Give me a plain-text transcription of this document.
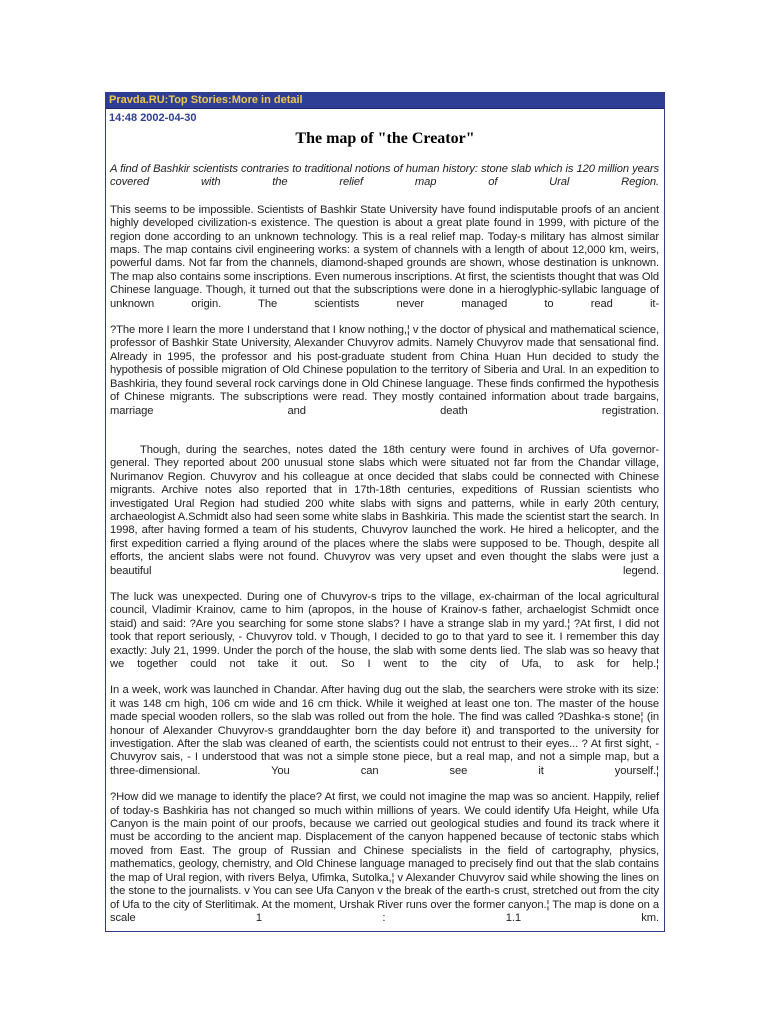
Pravda.RU:Top Stories:More in detail
14:48 2002-04-30
The map of "the Creator"

A find of Bashkir scientists contraries to traditional notions of human history: stone slab which is 120 million years covered with the relief map of Ural Region.

This seems to be impossible. Scientists of Bashkir State University have found indisputable proofs of an ancient highly developed civilization-s existence. The question is about a great plate found in 1999, with picture of the region done according to an unknown technology. This is a real relief map. Today-s military has almost similar maps. The map contains civil engineering works: a system of channels with a length of about 12,000 km, weirs, powerful dams. Not far from the channels, diamond-shaped grounds are shown, whose destination is unknown. The map also contains some inscriptions. Even numerous inscriptions. At first, the scientists thought that was Old Chinese language. Though, it turned out that the subscriptions were done in a hieroglyphic-syllabic language of unknown origin. The scientists never managed to read it-

?The more I learn the more I understand that I know nothing,¦ v the doctor of physical and mathematical science, professor of Bashkir State University, Alexander Chuvyrov admits. Namely Chuvyrov made that sensational find. Already in 1995, the professor and his post-graduate student from China Huan Hun decided to study the hypothesis of possible migration of Old Chinese population to the territory of Siberia and Ural. In an expedition to Bashkiria, they found several rock carvings done in Old Chinese language. These finds confirmed the hypothesis of Chinese migrants. The subscriptions were read. They mostly contained information about trade bargains, marriage and death registration.

Though, during the searches, notes dated the 18th century were found in archives of Ufa governor-general. They reported about 200 unusual stone slabs which were situated not far from the Chandar village, Nurimanov Region. Chuvyrov and his colleague at once decided that slabs could be connected with Chinese migrants. Archive notes also reported that in 17th-18th centuries, expeditions of Russian scientists who investigated Ural Region had studied 200 white slabs with signs and patterns, while in early 20th century, archaeologist A.Schmidt also had seen some white slabs in Bashkiria. This made the scientist start the search. In 1998, after having formed a team of his students, Chuvyrov launched the work. He hired a helicopter, and the first expedition carried a flying around of the places where the slabs were supposed to be. Though, despite all efforts, the ancient slabs were not found. Chuvyrov was very upset and even thought the slabs were just a beautiful legend.

The luck was unexpected. During one of Chuvyrov-s trips to the village, ex-chairman of the local agricultural council, Vladimir Krainov, came to him (apropos, in the house of Krainov-s father, archaelogist Schmidt once staid) and said: ?Are you searching for some stone slabs? I have a strange slab in my yard.¦ ?At first, I did not took that report seriously, - Chuvyrov told. v Though, I decided to go to that yard to see it. I remember this day exactly: July 21, 1999. Under the porch of the house, the slab with some dents lied. The slab was so heavy that we together could not take it out. So I went to the city of Ufa, to ask for help.¦

In a week, work was launched in Chandar. After having dug out the slab, the searchers were stroke with its size: it was 148 cm high, 106 cm wide and 16 cm thick. While it weighed at least one ton. The master of the house made special wooden rollers, so the slab was rolled out from the hole. The find was called ?Dashka-s stone¦ (in honour of Alexander Chuvyrov-s granddaughter born the day before it) and transported to the university for investigation. After the slab was cleaned of earth, the scientists could not entrust to their eyes... ? At first sight, - Chuvyrov sais, - I understood that was not a simple stone piece, but a real map, and not a simple map, but a three-dimensional. You can see it yourself.¦

?How did we manage to identify the place? At first, we could not imagine the map was so ancient. Happily, relief of today-s Bashkiria has not changed so much within millions of years. We could identify Ufa Height, while Ufa Canyon is the main point of our proofs, because we carried out geological studies and found its track where it must be according to the ancient map. Displacement of the canyon happened because of tectonic stabs which moved from East. The group of Russian and Chinese specialists in the field of cartography, physics, mathematics, geology, chemistry, and Old Chinese language managed to precisely find out that the slab contains the map of Ural region, with rivers Belya, Ufimka, Sutolka,¦ v Alexander Chuvyrov said while showing the lines on the stone to the journalists. v You can see Ufa Canyon v the break of the earth-s crust, stretched out from the city of Ufa to the city of Sterlitimak. At the moment, Urshak River runs over the former canyon.¦ The map is done on a scale 1 : 1.1 km.
